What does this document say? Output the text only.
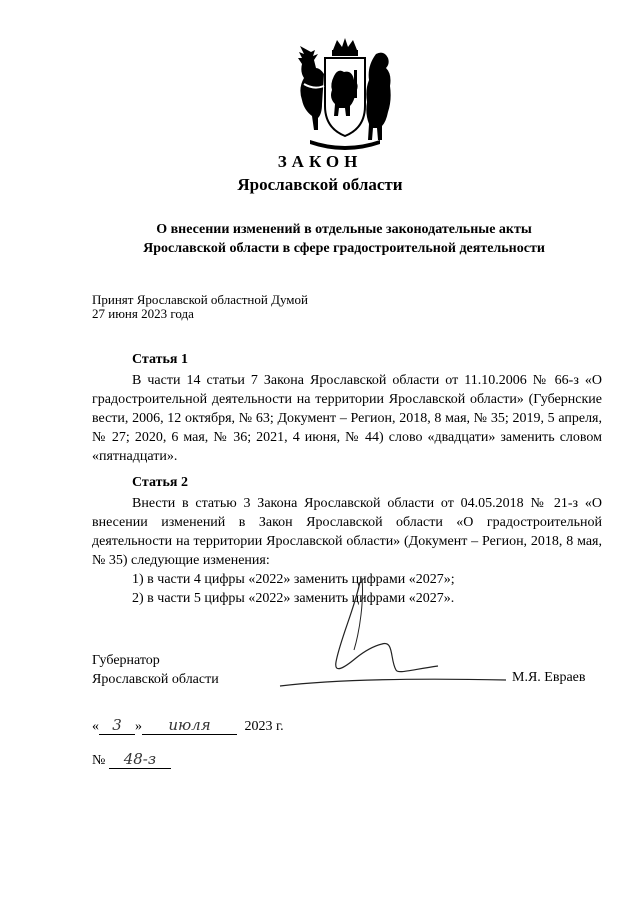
ЗАКОН
Ярославской области
О внесении изменений в отдельные законодательные акты
Ярославской области в сфере градостроительной деятельности
Принят Ярославской областной Думой
27 июня 2023 года
Статья 1

В части 14 статьи 7 Закона Ярославской области от 11.10.2006 № 66-з «О градостроительной деятельности на территории Ярославской области» (Губернские вести, 2006, 12 октября, № 63; Документ – Регион, 2018, 8 мая, № 35; 2019, 5 апреля, № 27; 2020, 6 мая, № 36; 2021, 4 июня, № 44) слово «двадцати» заменить словом «пятнадцати».

Статья 2

Внести в статью 3 Закона Ярославской области от 04.05.2018 № 21-з «О внесении изменений в Закон Ярославской области «О градостроительной деятельности на территории Ярославской области» (Документ – Регион, 2018, 8 мая, № 35) следующие изменения:

1) в части 4 цифры «2022» заменить цифрами «2027»;

2) в части 5 цифры «2022» заменить цифрами «2027».

Губернатор
Ярославской области	М.Я. Евраев
« 3 » июля 2023 г.
№ 48-з
